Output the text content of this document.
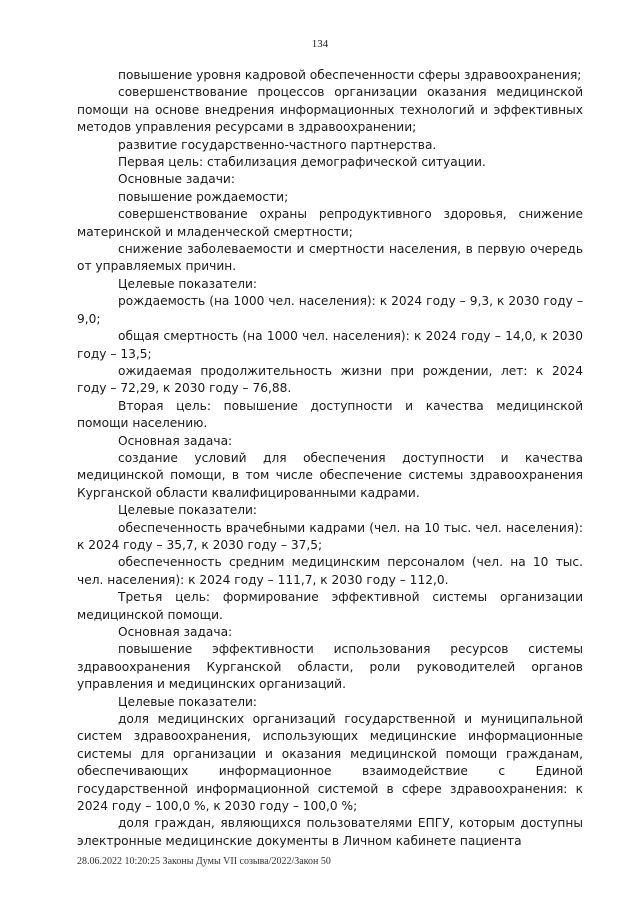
134

повышение уровня кадровой обеспеченности сферы здравоохранения;

совершенствование процессов организации оказания медицинской помощи на основе внедрения информационных технологий и эффективных методов управления ресурсами в здравоохранении;

развитие государственно-частного партнерства.

Первая цель: стабилизация демографической ситуации.

Основные задачи:

повышение рождаемости;

совершенствование охраны репродуктивного здоровья, снижение материнской и младенческой смертности;

снижение заболеваемости и смертности населения, в первую очередь от управляемых причин.

Целевые показатели:

рождаемость (на 1000 чел. населения): к 2024 году – 9,3, к 2030 году – 9,0;

общая смертность (на 1000 чел. населения): к 2024 году – 14,0, к 2030 году – 13,5;

ожидаемая продолжительность жизни при рождении, лет: к 2024 году – 72,29, к 2030 году – 76,88.

Вторая цель: повышение доступности и качества медицинской помощи населению.

Основная задача:

создание условий для обеспечения доступности и качества медицинской помощи, в том числе обеспечение системы здравоохранения Курганской области квалифицированными кадрами.

Целевые показатели:

обеспеченность врачебными кадрами (чел. на 10 тыс. чел. населения): к 2024 году – 35,7, к 2030 году – 37,5;

обеспеченность средним медицинским персоналом (чел. на 10 тыс. чел. населения): к 2024 году – 111,7, к 2030 году – 112,0.

Третья цель: формирование эффективной системы организации медицинской помощи.

Основная задача:

повышение эффективности использования ресурсов системы здравоохранения Курганской области, роли руководителей органов управления и медицинских организаций.

Целевые показатели:

доля медицинских организаций государственной и муниципальной систем здравоохранения, использующих медицинские информационные системы для организации и оказания медицинской помощи гражданам, обеспечивающих информационное взаимодействие с Единой государственной информационной системой в сфере здравоохранения: к 2024 году – 100,0 %, к 2030 году – 100,0 %;

доля граждан, являющихся пользователями ЕПГУ, которым доступны электронные медицинские документы в Личном кабинете пациента

28.06.2022 10:20:25 Законы Думы VII созыва/2022/Закон 50
